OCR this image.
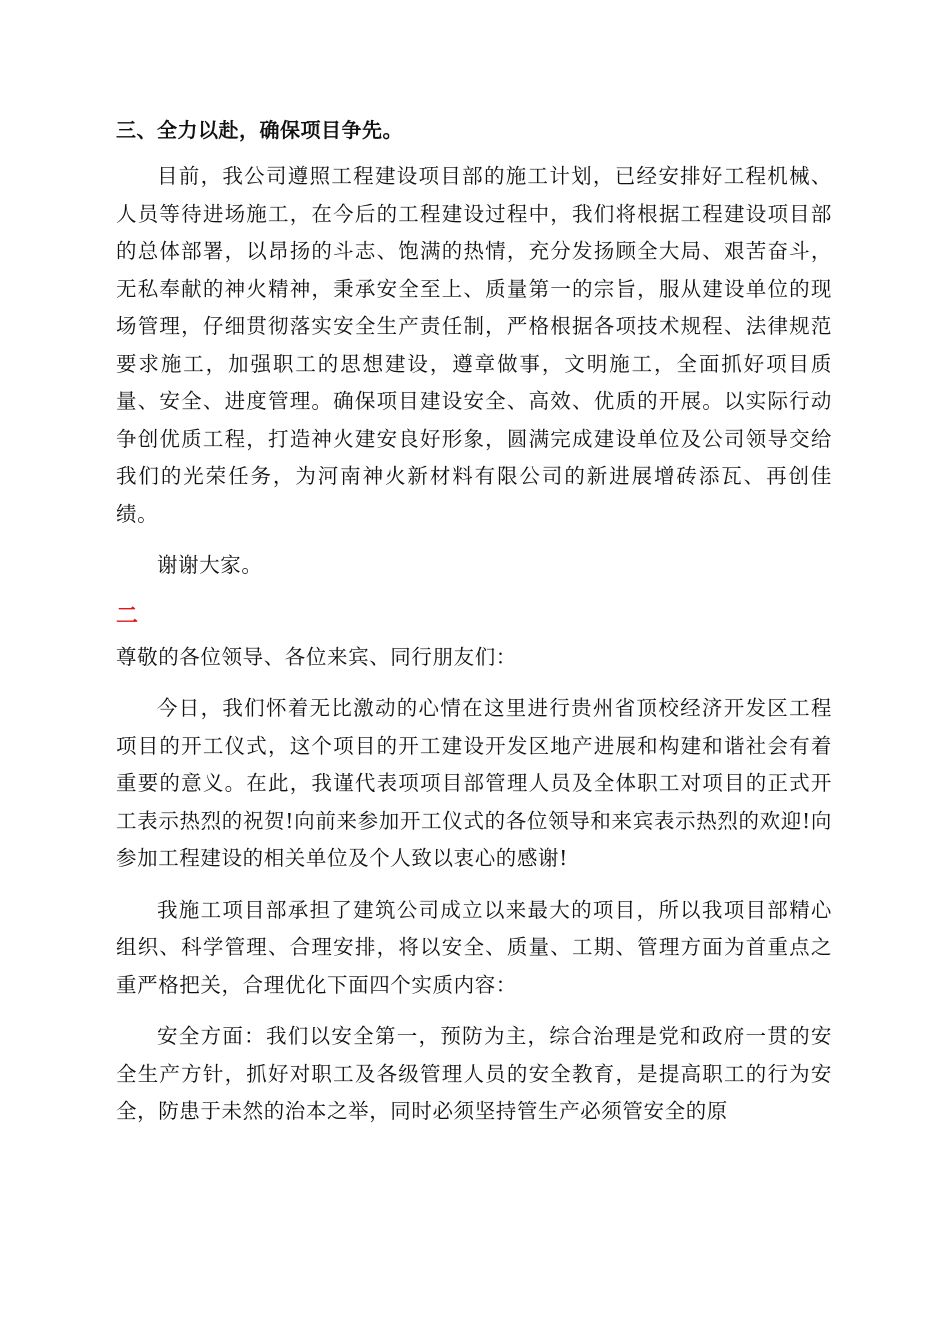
三、全力以赴，确保项目争先。

目前，我公司遵照工程建设项目部的施工计划，已经安排好工程机械、人员等待进场施工，在今后的工程建设过程中，我们将根据工程建设项目部的总体部署，以昂扬的斗志、饱满的热情，充分发扬顾全大局、艰苦奋斗，无私奉献的神火精神，秉承安全至上、质量第一的宗旨，服从建设单位的现场管理，仔细贯彻落实安全生产责任制，严格根据各项技术规程、法律规范要求施工，加强职工的思想建设，遵章做事，文明施工，全面抓好项目质量、安全、进度管理。确保项目建设安全、高效、优质的开展。以实际行动争创优质工程，打造神火建安良好形象，圆满完成建设单位及公司领导交给我们的光荣任务，为河南神火新材料有限公司的新进展增砖添瓦、再创佳绩。

谢谢大家。

二

尊敬的各位领导、各位来宾、同行朋友们：

今日，我们怀着无比激动的心情在这里进行贵州省顶校经济开发区工程项目的开工仪式，这个项目的开工建设开发区地产进展和构建和谐社会有着重要的意义。在此，我谨代表项项目部管理人员及全体职工对项目的正式开工表示热烈的祝贺!向前来参加开工仪式的各位领导和来宾表示热烈的欢迎!向参加工程建设的相关单位及个人致以衷心的感谢!

我施工项目部承担了建筑公司成立以来最大的项目，所以我项目部精心组织、科学管理、合理安排，将以安全、质量、工期、管理方面为首重点之重严格把关，合理优化下面四个实质内容：

安全方面：我们以安全第一，预防为主，综合治理是党和政府一贯的安全生产方针，抓好对职工及各级管理人员的安全教育，是提高职工的行为安全，防患于未然的治本之举，同时必须坚持管生产必须管安全的原
